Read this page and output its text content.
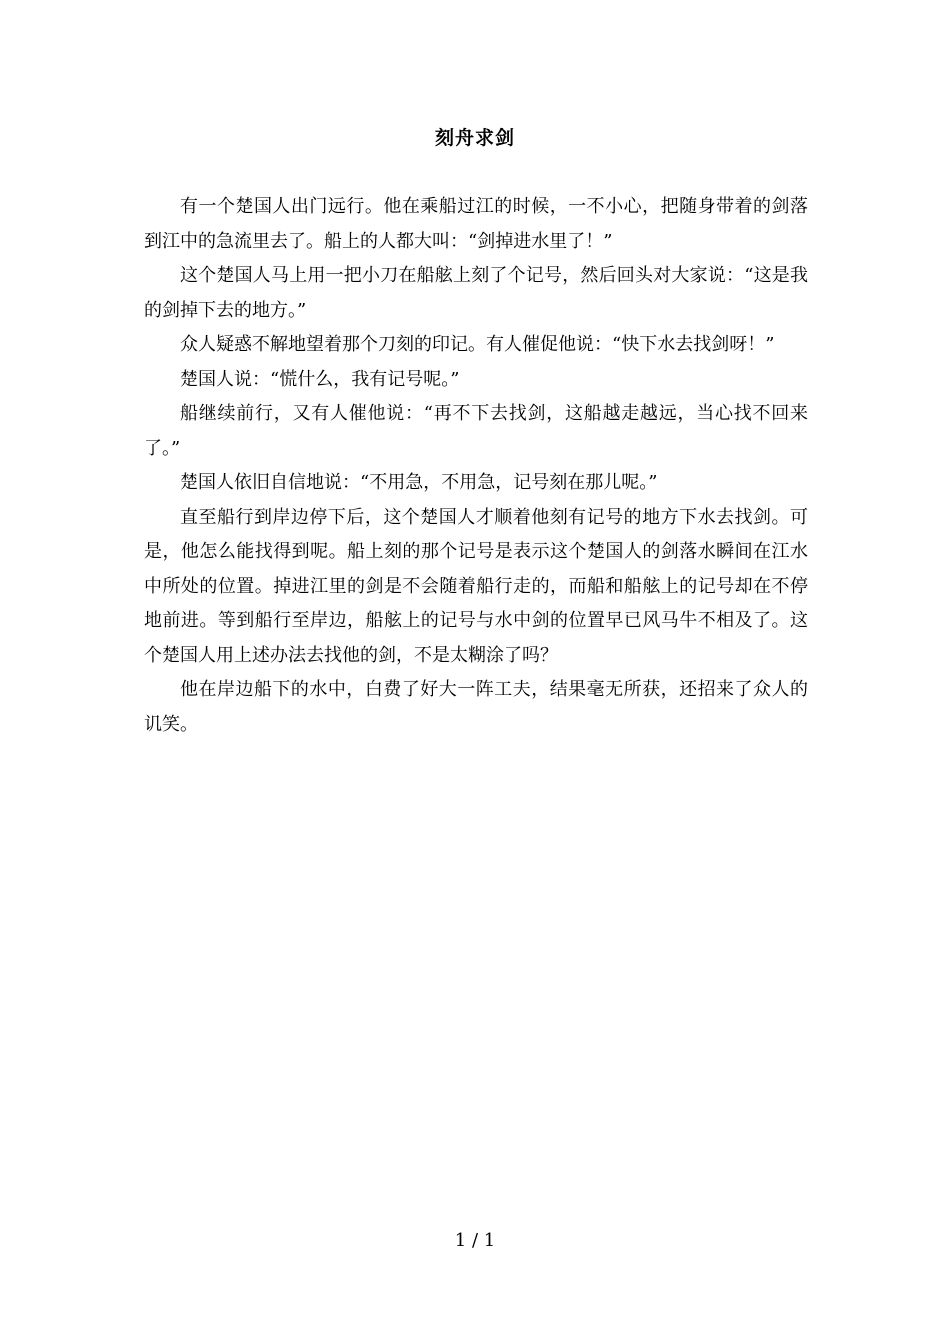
刻舟求剑

有一个楚国人出门远行。他在乘船过江的时候，一不小心，把随身带着的剑落到江中的急流里去了。船上的人都大叫：“剑掉进水里了！”

这个楚国人马上用一把小刀在船舷上刻了个记号，然后回头对大家说：“这是我的剑掉下去的地方。”

众人疑惑不解地望着那个刀刻的印记。有人催促他说：“快下水去找剑呀！”

楚国人说：“慌什么，我有记号呢。”

船继续前行，又有人催他说：“再不下去找剑，这船越走越远，当心找不回来了。”

楚国人依旧自信地说：“不用急，不用急，记号刻在那儿呢。”

直至船行到岸边停下后，这个楚国人才顺着他刻有记号的地方下水去找剑。可是，他怎么能找得到呢。船上刻的那个记号是表示这个楚国人的剑落水瞬间在江水中所处的位置。掉进江里的剑是不会随着船行走的，而船和船舷上的记号却在不停地前进。等到船行至岸边，船舷上的记号与水中剑的位置早已风马牛不相及了。这个楚国人用上述办法去找他的剑，不是太糊涂了吗？

他在岸边船下的水中，白费了好大一阵工夫，结果毫无所获，还招来了众人的讥笑。

1 / 1
